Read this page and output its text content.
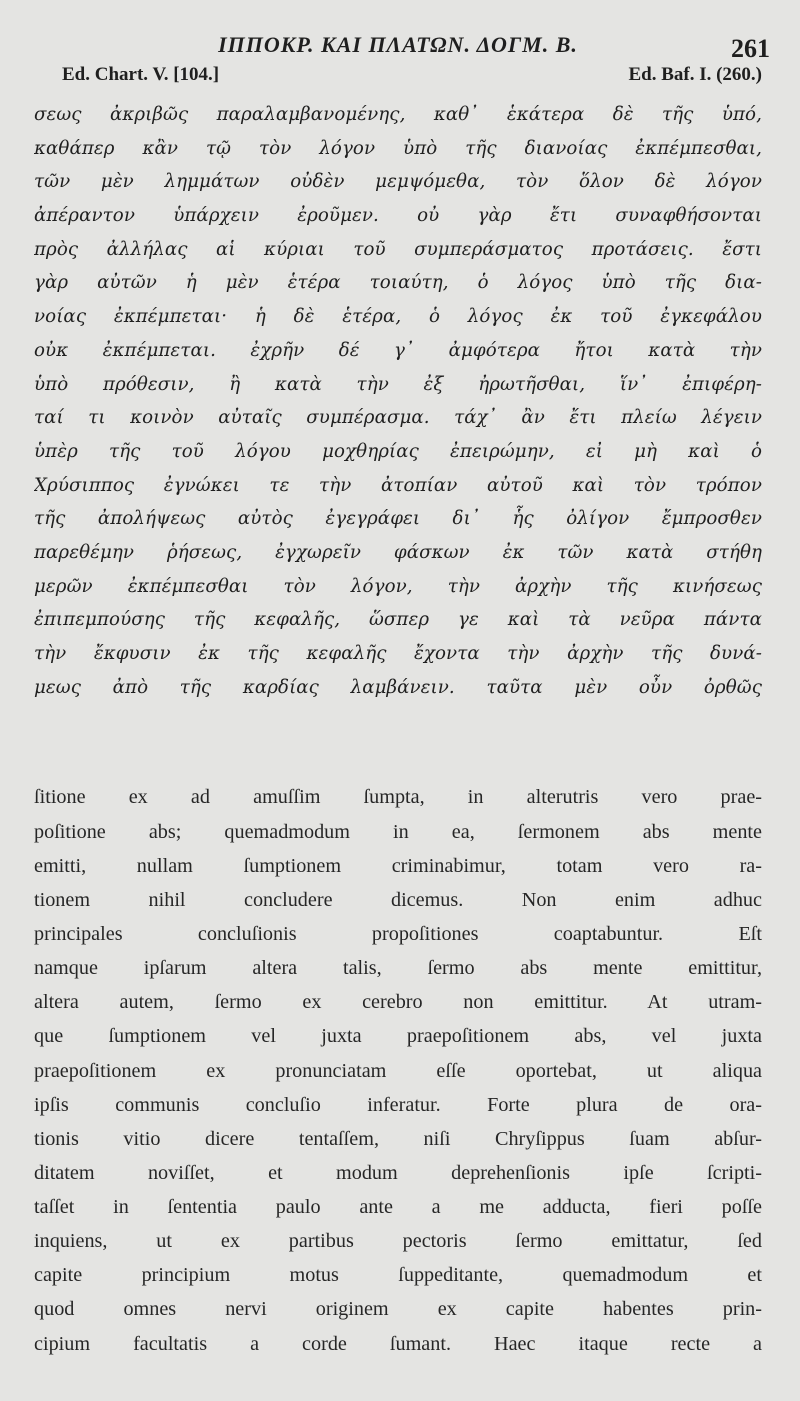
ΙΠΠΟΚΡ. ΚΑΙ ΠΛΑΤΩΝ. ΔΟΓΜ. Β.	261
Ed. Chart. V. [104.]	Ed. Baf. I. (260.)
σεως ἀκριβῶς παραλαμβανομένης, καθ᾽ ἑκάτερα δὲ τῆς ὑπό,
καθάπερ κἂν τῷ τὸν λόγον ὑπὸ τῆς διανοίας ἐκπέμπεσθαι,
τῶν μὲν λημμάτων οὐδὲν μεμψόμεθα, τὸν ὅλον δὲ λόγον
ἀπέραντον ὑπάρχειν ἐροῦμεν. οὐ γὰρ ἔτι συναφθήσονται
πρὸς ἀλλήλας αἱ κύριαι τοῦ συμπεράσματος προτάσεις. ἔστι
γὰρ αὐτῶν ἡ μὲν ἑτέρα τοιαύτη, ὁ λόγος ὑπὸ τῆς δια-
νοίας ἐκπέμπεται· ἡ δὲ ἑτέρα, ὁ λόγος ἐκ τοῦ ἐγκεφάλου
οὐκ ἐκπέμπεται. ἐχρῆν δέ γ᾽ ἀμφότερα ἤτοι κατὰ τὴν
ὑπὸ πρόθεσιν, ἢ κατὰ τὴν ἐξ ἠρωτῆσθαι, ἵν᾽ ἐπιφέρη-
ταί τι κοινὸν αὐταῖς συμπέρασμα. τάχ᾽ ἂν ἔτι πλείω λέγειν
ὑπὲρ τῆς τοῦ λόγου μοχθηρίας ἐπειρώμην, εἰ μὴ καὶ ὁ
Χρύσιππος ἐγνώκει τε τὴν ἀτοπίαν αὐτοῦ καὶ τὸν τρόπον
τῆς ἀπολήψεως αὐτὸς ἐγεγράφει δι᾽ ἧς ὀλίγον ἔμπροσθεν
παρεθέμην ῥήσεως, ἐγχωρεῖν φάσκων ἐκ τῶν κατὰ στήθη
μερῶν ἐκπέμπεσθαι τὸν λόγον, τὴν ἀρχὴν τῆς κινήσεως
ἐπιπεμπούσης τῆς κεφαλῆς, ὥσπερ γε καὶ τὰ νεῦρα πάντα
τὴν ἔκφυσιν ἐκ τῆς κεφαλῆς ἔχοντα τὴν ἀρχὴν τῆς δυνά-
μεως ἀπὸ τῆς καρδίας λαμβάνειν. ταῦτα μὲν οὖν ὀρθῶς
ſitione ex ad amuſſim ſumpta, in alterutris vero prae-
poſitione abs; quemadmodum in ea, ſermonem abs mente
emitti, nullam ſumptionem criminabimur, totam vero ra-
tionem nihil concludere dicemus. Non enim adhuc
principales concluſionis propoſitiones coaptabuntur. Eſt
namque ipſarum altera talis, ſermo abs mente emittitur,
altera autem, ſermo ex cerebro non emittitur. At utram-
que ſumptionem vel juxta praepoſitionem abs, vel juxta
praepoſitionem ex pronunciatam eſſe oportebat, ut aliqua
ipſis communis concluſio inferatur. Forte plura de ora-
tionis vitio dicere tentaſſem, niſi Chryſippus ſuam abſur-
ditatem noviſſet, et modum deprehenſionis ipſe ſcripti-
taſſet in ſententia paulo ante a me adducta, fieri poſſe
inquiens, ut ex partibus pectoris ſermo emittatur, ſed
capite principium motus ſuppeditante, quemadmodum et
quod omnes nervi originem ex capite habentes prin-
cipium facultatis a corde ſumant. Haec itaque recte a
